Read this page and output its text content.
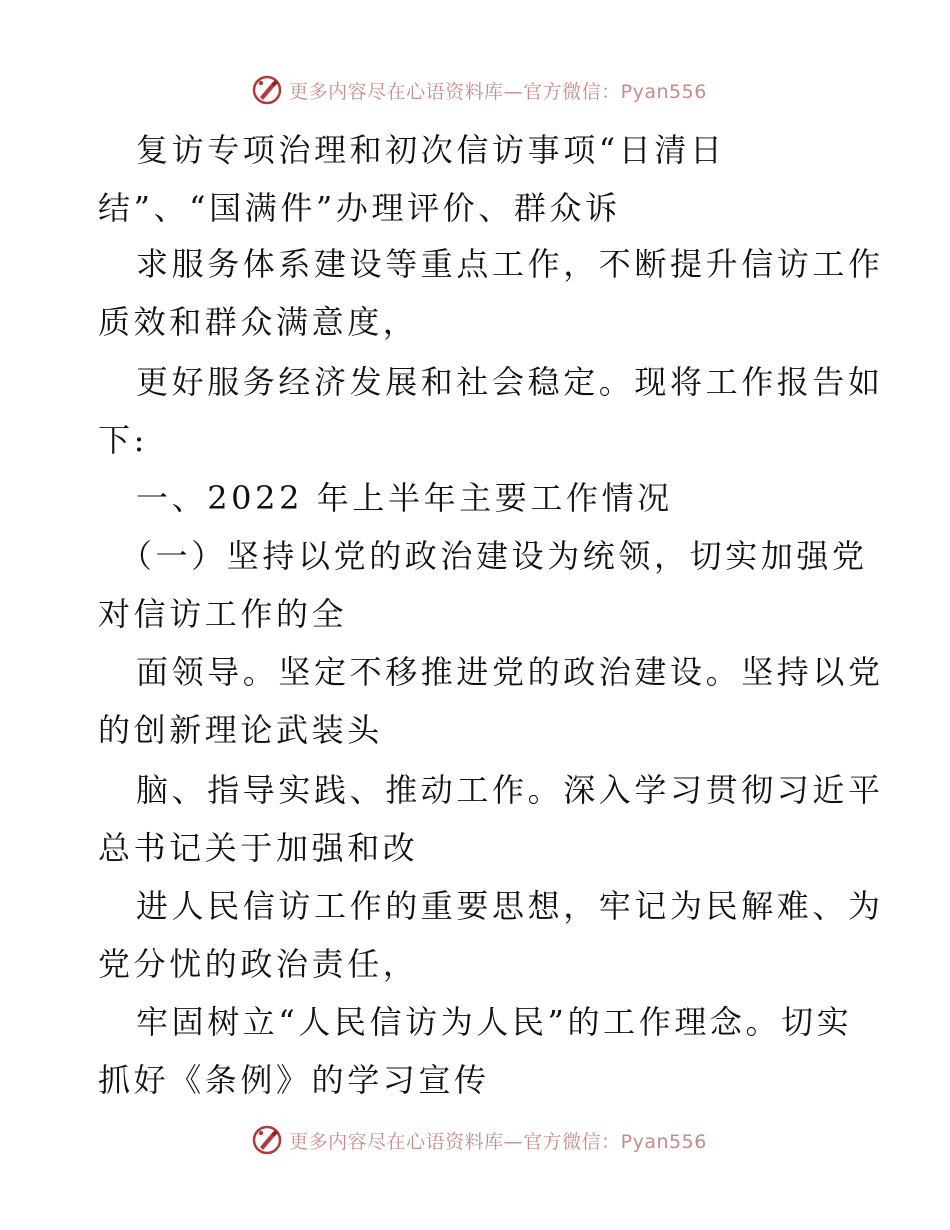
更多内容尽在心语资料库—官方微信：Pyan556
复访专项治理和初次信访事项“日清日
结”、“国满件”办理评价、群众诉
求服务体系建设等重点工作，不断提升信访工作
质效和群众满意度，
更好服务经济发展和社会稳定。现将工作报告如
下:
一、2022 年上半年主要工作情况
（一）坚持以党的政治建设为统领，切实加强党
对信访工作的全
面领导。坚定不移推进党的政治建设。坚持以党
的创新理论武装头
脑、指导实践、推动工作。深入学习贯彻习近平
总书记关于加强和改
进人民信访工作的重要思想，牢记为民解难、为
党分忧的政治责任，
牢固树立“人民信访为人民”的工作理念。切实
抓好《条例》的学习宣传
更多内容尽在心语资料库—官方微信：Pyan556
